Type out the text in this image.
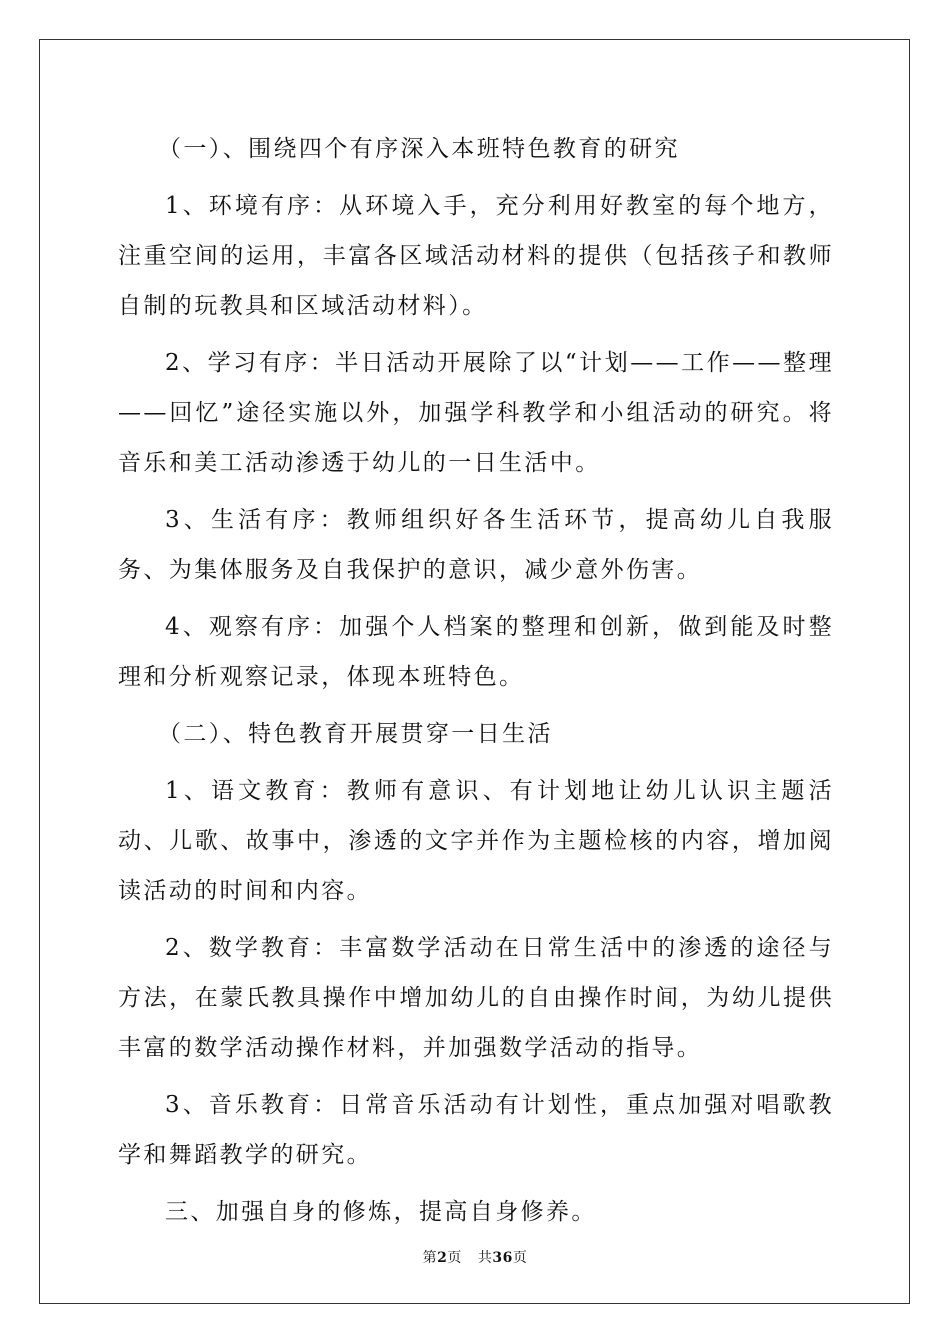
（一）、围绕四个有序深入本班特色教育的研究

1、环境有序：从环境入手，充分利用好教室的每个地方，注重空间的运用，丰富各区域活动材料的提供（包括孩子和教师自制的玩教具和区域活动材料）。

2、学习有序：半日活动开展除了以“计划——工作——整理——回忆”途径实施以外，加强学科教学和小组活动的研究。将音乐和美工活动渗透于幼儿的一日生活中。

3、生活有序：教师组织好各生活环节，提高幼儿自我服务、为集体服务及自我保护的意识，减少意外伤害。

4、观察有序：加强个人档案的整理和创新，做到能及时整理和分析观察记录，体现本班特色。

（二）、特色教育开展贯穿一日生活

1、语文教育：教师有意识、有计划地让幼儿认识主题活动、儿歌、故事中，渗透的文字并作为主题检核的内容，增加阅读活动的时间和内容。

2、数学教育：丰富数学活动在日常生活中的渗透的途径与方法，在蒙氏教具操作中增加幼儿的自由操作时间，为幼儿提供丰富的数学活动操作材料，并加强数学活动的指导。

3、音乐教育：日常音乐活动有计划性，重点加强对唱歌教学和舞蹈教学的研究。

三、加强自身的修炼，提高自身修养。

第2页 共36页
